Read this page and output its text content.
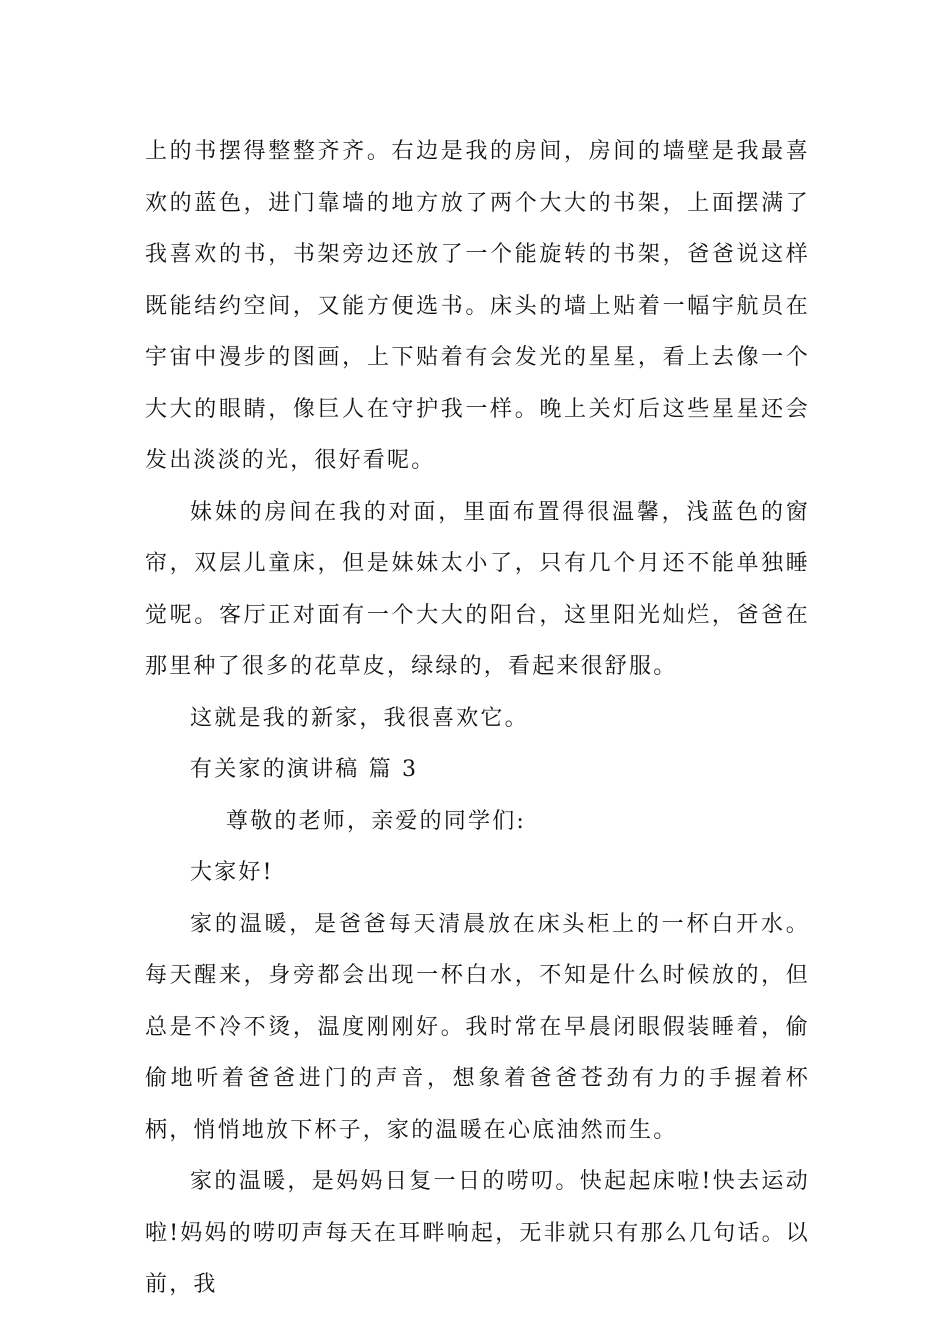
上的书摆得整整齐齐。右边是我的房间，房间的墙壁是我最喜欢的蓝色，进门靠墙的地方放了两个大大的书架，上面摆满了我喜欢的书，书架旁边还放了一个能旋转的书架，爸爸说这样既能结约空间，又能方便选书。床头的墙上贴着一幅宇航员在宇宙中漫步的图画，上下贴着有会发光的星星，看上去像一个大大的眼睛，像巨人在守护我一样。晚上关灯后这些星星还会发出淡淡的光，很好看呢。

妹妹的房间在我的对面，里面布置得很温馨，浅蓝色的窗帘，双层儿童床，但是妹妹太小了，只有几个月还不能单独睡觉呢。客厅正对面有一个大大的阳台，这里阳光灿烂，爸爸在那里种了很多的花草皮，绿绿的，看起来很舒服。

这就是我的新家，我很喜欢它。

有关家的演讲稿 篇 3

尊敬的老师，亲爱的同学们:

大家好!

家的温暖，是爸爸每天清晨放在床头柜上的一杯白开水。每天醒来，身旁都会出现一杯白水，不知是什么时候放的，但总是不冷不烫，温度刚刚好。我时常在早晨闭眼假装睡着，偷偷地听着爸爸进门的声音，想象着爸爸苍劲有力的手握着杯柄，悄悄地放下杯子，家的温暖在心底油然而生。

家的温暖，是妈妈日复一日的唠叨。快起起床啦!快去运动啦!妈妈的唠叨声每天在耳畔响起，无非就只有那么几句话。以前，我
